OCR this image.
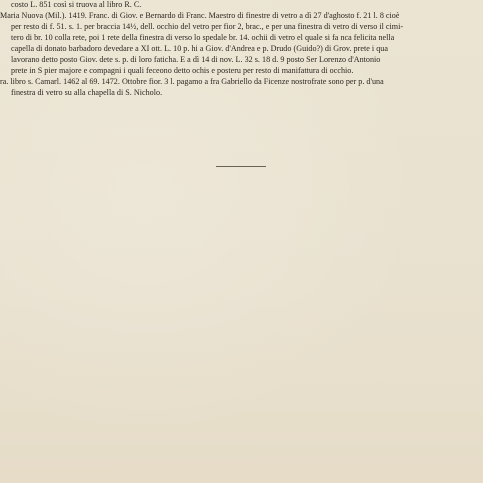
costo L. 851 così si truova al libro R. C.
Maria Nuova (Mil.). 1419. Franc. di Giov. e Bernardo di Franc. Maestro di finestre di vetro a dì 27 d'aghosto f. 21 l. 8 cioè
per resto di f. 51. s. 1. per braccia 14½, dell. occhio del vetro per fior 2, brac., e per una finestra di vetro di verso il cimi-
tero di br. 10 colla rete, poi 1 rete della finestra di verso lo spedale br. 14. ochii di vetro el quale si fa nca felicita nella
capella di donato barbadoro devedare a XI ott. L. 10 p. hi a Giov. d'Andrea e p. Drudo (Guido?) di Grov. prete i qua
lavorano detto posto Giov. dete s. p. di loro faticha. E a dì 14 di nov. L. 32 s. 18 d. 9 posto Ser Lorenzo d'Antonio
prete in S pier majore e compagni i quali feceono detto ochis e posteru per resto di manifattura di occhio.
ra. libro s. Camarl. 1462 al 69. 1472. Ottobre fior. 3 l. pagamo a fra Gabriello da Ficenze nostrofrate sono per p. d'una
finestra di vetro su alla chapella di S. Nicholo.
